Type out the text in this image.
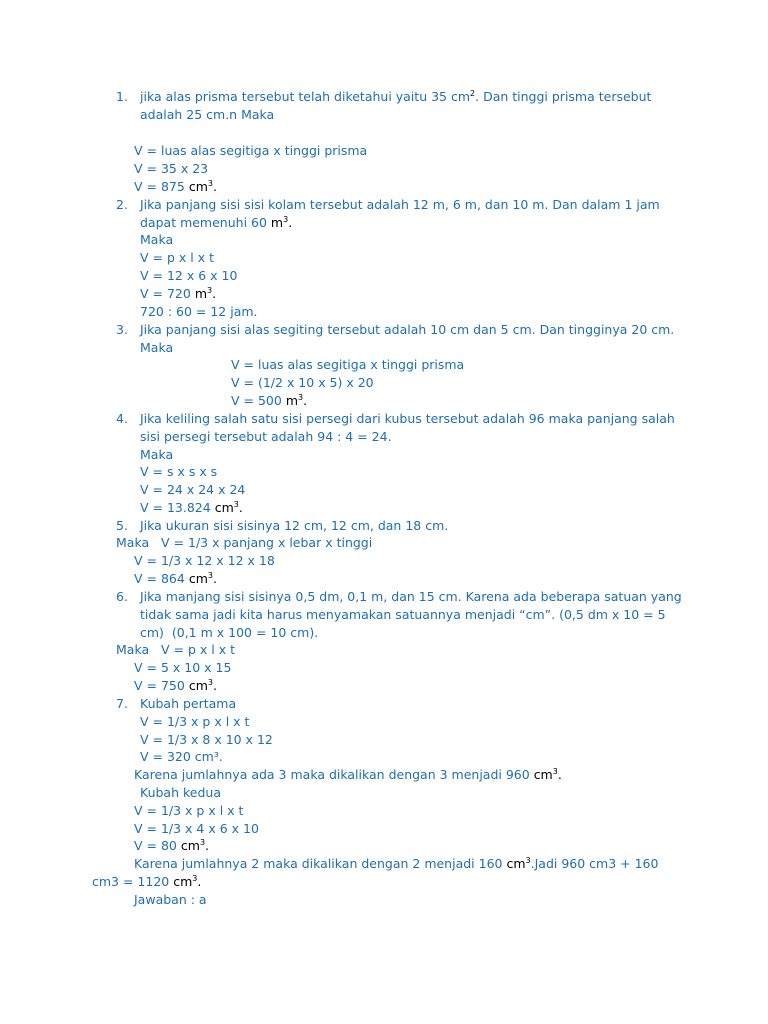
1. jika alas prisma tersebut telah diketahui yaitu 35 $cm^2$. Dan tinggi prisma tersebut
adalah 25 cm.n Maka
V = luas alas segitiga x tinggi prisma
V = 35 x 23
V = 875 $cm^3$.
2. Jika panjang sisi sisi kolam tersebut adalah 12 m, 6 m, dan 10 m. Dan dalam 1 jam
dapat memenuhi 60 $m^3$.
Maka
V = p x l x t
V = 12 x 6 x 10
V = 720 $m^3$.
720 : 60 = 12 jam.
3. Jika panjang sisi alas segiting tersebut adalah 10 cm dan 5 cm. Dan tingginya 20 cm.
Maka
V = luas alas segitiga x tinggi prisma
V = (1/2 x 10 x 5) x 20
V = 500 $m^3$.
4. Jika keliling salah satu sisi persegi dari kubus tersebut adalah 96 maka panjang salah
sisi persegi tersebut adalah 94 : 4 = 24.
Maka
V = s x s x s
V = 24 x 24 x 24
V = 13.824 $cm^3$.
5. Jika ukuran sisi sisinya 12 cm, 12 cm, dan 18 cm.
Maka   V = 1/3 x panjang x lebar x tinggi
V = 1/3 x 12 x 12 x 18
V = 864 $cm^3$.
6. Jika manjang sisi sisinya 0,5 dm, 0,1 m, dan 15 cm. Karena ada beberapa satuan yang
tidak sama jadi kita harus menyamakan satuannya menjadi “cm”. (0,5 dm x 10 = 5
cm)  (0,1 m x 100 = 10 cm).
Maka   V = p x l x t
V = 5 x 10 x 15
V = 750 $cm^3$.
7. Kubah pertama
V = 1/3 x p x l x t
V = 1/3 x 8 x 10 x 12
V = 320 cm³.
Karena jumlahnya ada 3 maka dikalikan dengan 3 menjadi 960 $cm^3$.
Kubah kedua
V = 1/3 x p x l x t
V = 1/3 x 4 x 6 x 10
V = 80 $cm^3$.
Karena jumlahnya 2 maka dikalikan dengan 2 menjadi 160 $cm^3.Jadi$ 960 cm3 + 160
cm3 = 1120 $cm^3$.
Jawaban : a
